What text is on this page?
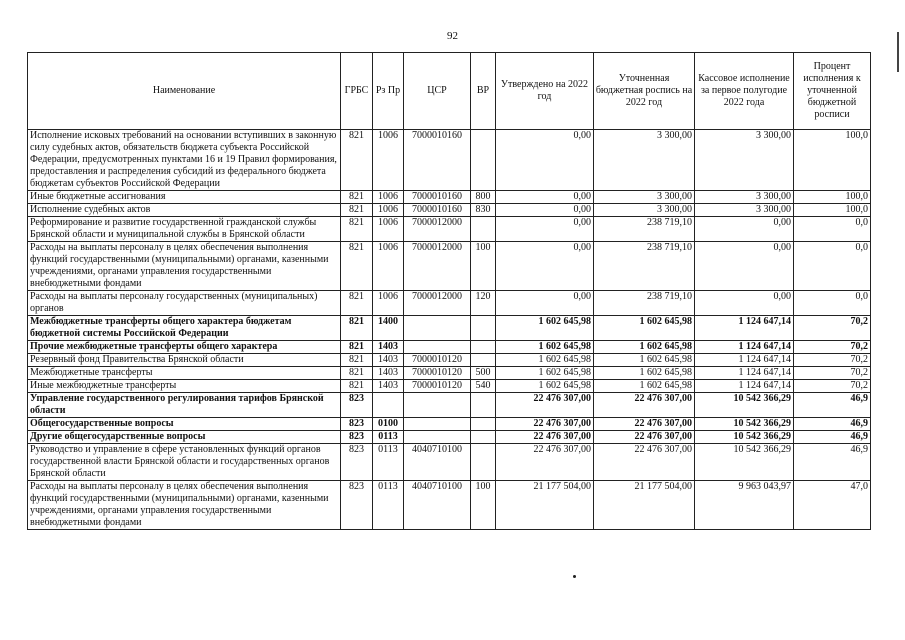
92
Наименование	ГРБС	Рз Пр	ЦСР	ВР	Утверждено на 2022 год	Уточненная бюджетная роспись на 2022 год	Кассовое исполнение за первое полугодие 2022 года	Процент исполнения к уточненной бюджетной росписи
Исполнение исковых требований на основании вступивших в законную силу судебных актов, обязательств бюджета субъекта Российской Федерации, предусмотренных пунктами 16 и 19 Правил формирования, предоставления и распределения субсидий из федерального бюджета бюджетам субъектов Российской Федерации	821	1006	7000010160		0,00	3 300,00	3 300,00	100,0
Иные бюджетные ассигнования	821	1006	7000010160	800	0,00	3 300,00	3 300,00	100,0
Исполнение судебных актов	821	1006	7000010160	830	0,00	3 300,00	3 300,00	100,0
Реформирование и развитие государственной гражданской службы Брянской области и муниципальной службы в Брянской области	821	1006	7000012000		0,00	238 719,10	0,00	0,0
Расходы на выплаты персоналу в целях обеспечения выполнения функций государственными (муниципальными) органами, казенными учреждениями, органами управления государственными внебюджетными фондами	821	1006	7000012000	100	0,00	238 719,10	0,00	0,0
Расходы на выплаты персоналу государственных (муниципальных) органов	821	1006	7000012000	120	0,00	238 719,10	0,00	0,0
Межбюджетные трансферты общего характера бюджетам бюджетной системы Российской Федерации	821	1400			1 602 645,98	1 602 645,98	1 124 647,14	70,2
Прочие межбюджетные трансферты общего характера	821	1403			1 602 645,98	1 602 645,98	1 124 647,14	70,2
Резервный фонд Правительства Брянской области	821	1403	7000010120		1 602 645,98	1 602 645,98	1 124 647,14	70,2
Межбюджетные трансферты	821	1403	7000010120	500	1 602 645,98	1 602 645,98	1 124 647,14	70,2
Иные межбюджетные трансферты	821	1403	7000010120	540	1 602 645,98	1 602 645,98	1 124 647,14	70,2
Управление государственного регулирования тарифов Брянской области	823				22 476 307,00	22 476 307,00	10 542 366,29	46,9
Общегосударственные вопросы	823	0100			22 476 307,00	22 476 307,00	10 542 366,29	46,9
Другие общегосударственные вопросы	823	0113			22 476 307,00	22 476 307,00	10 542 366,29	46,9
Руководство и управление в сфере установленных функций органов государственной власти Брянской области и государственных органов Брянской области	823	0113	4040710100		22 476 307,00	22 476 307,00	10 542 366,29	46,9
Расходы на выплаты персоналу в целях обеспечения выполнения функций государственными (муниципальными) органами, казенными учреждениями, органами управления государственными внебюджетными фондами	823	0113	4040710100	100	21 177 504,00	21 177 504,00	9 963 043,97	47,0
